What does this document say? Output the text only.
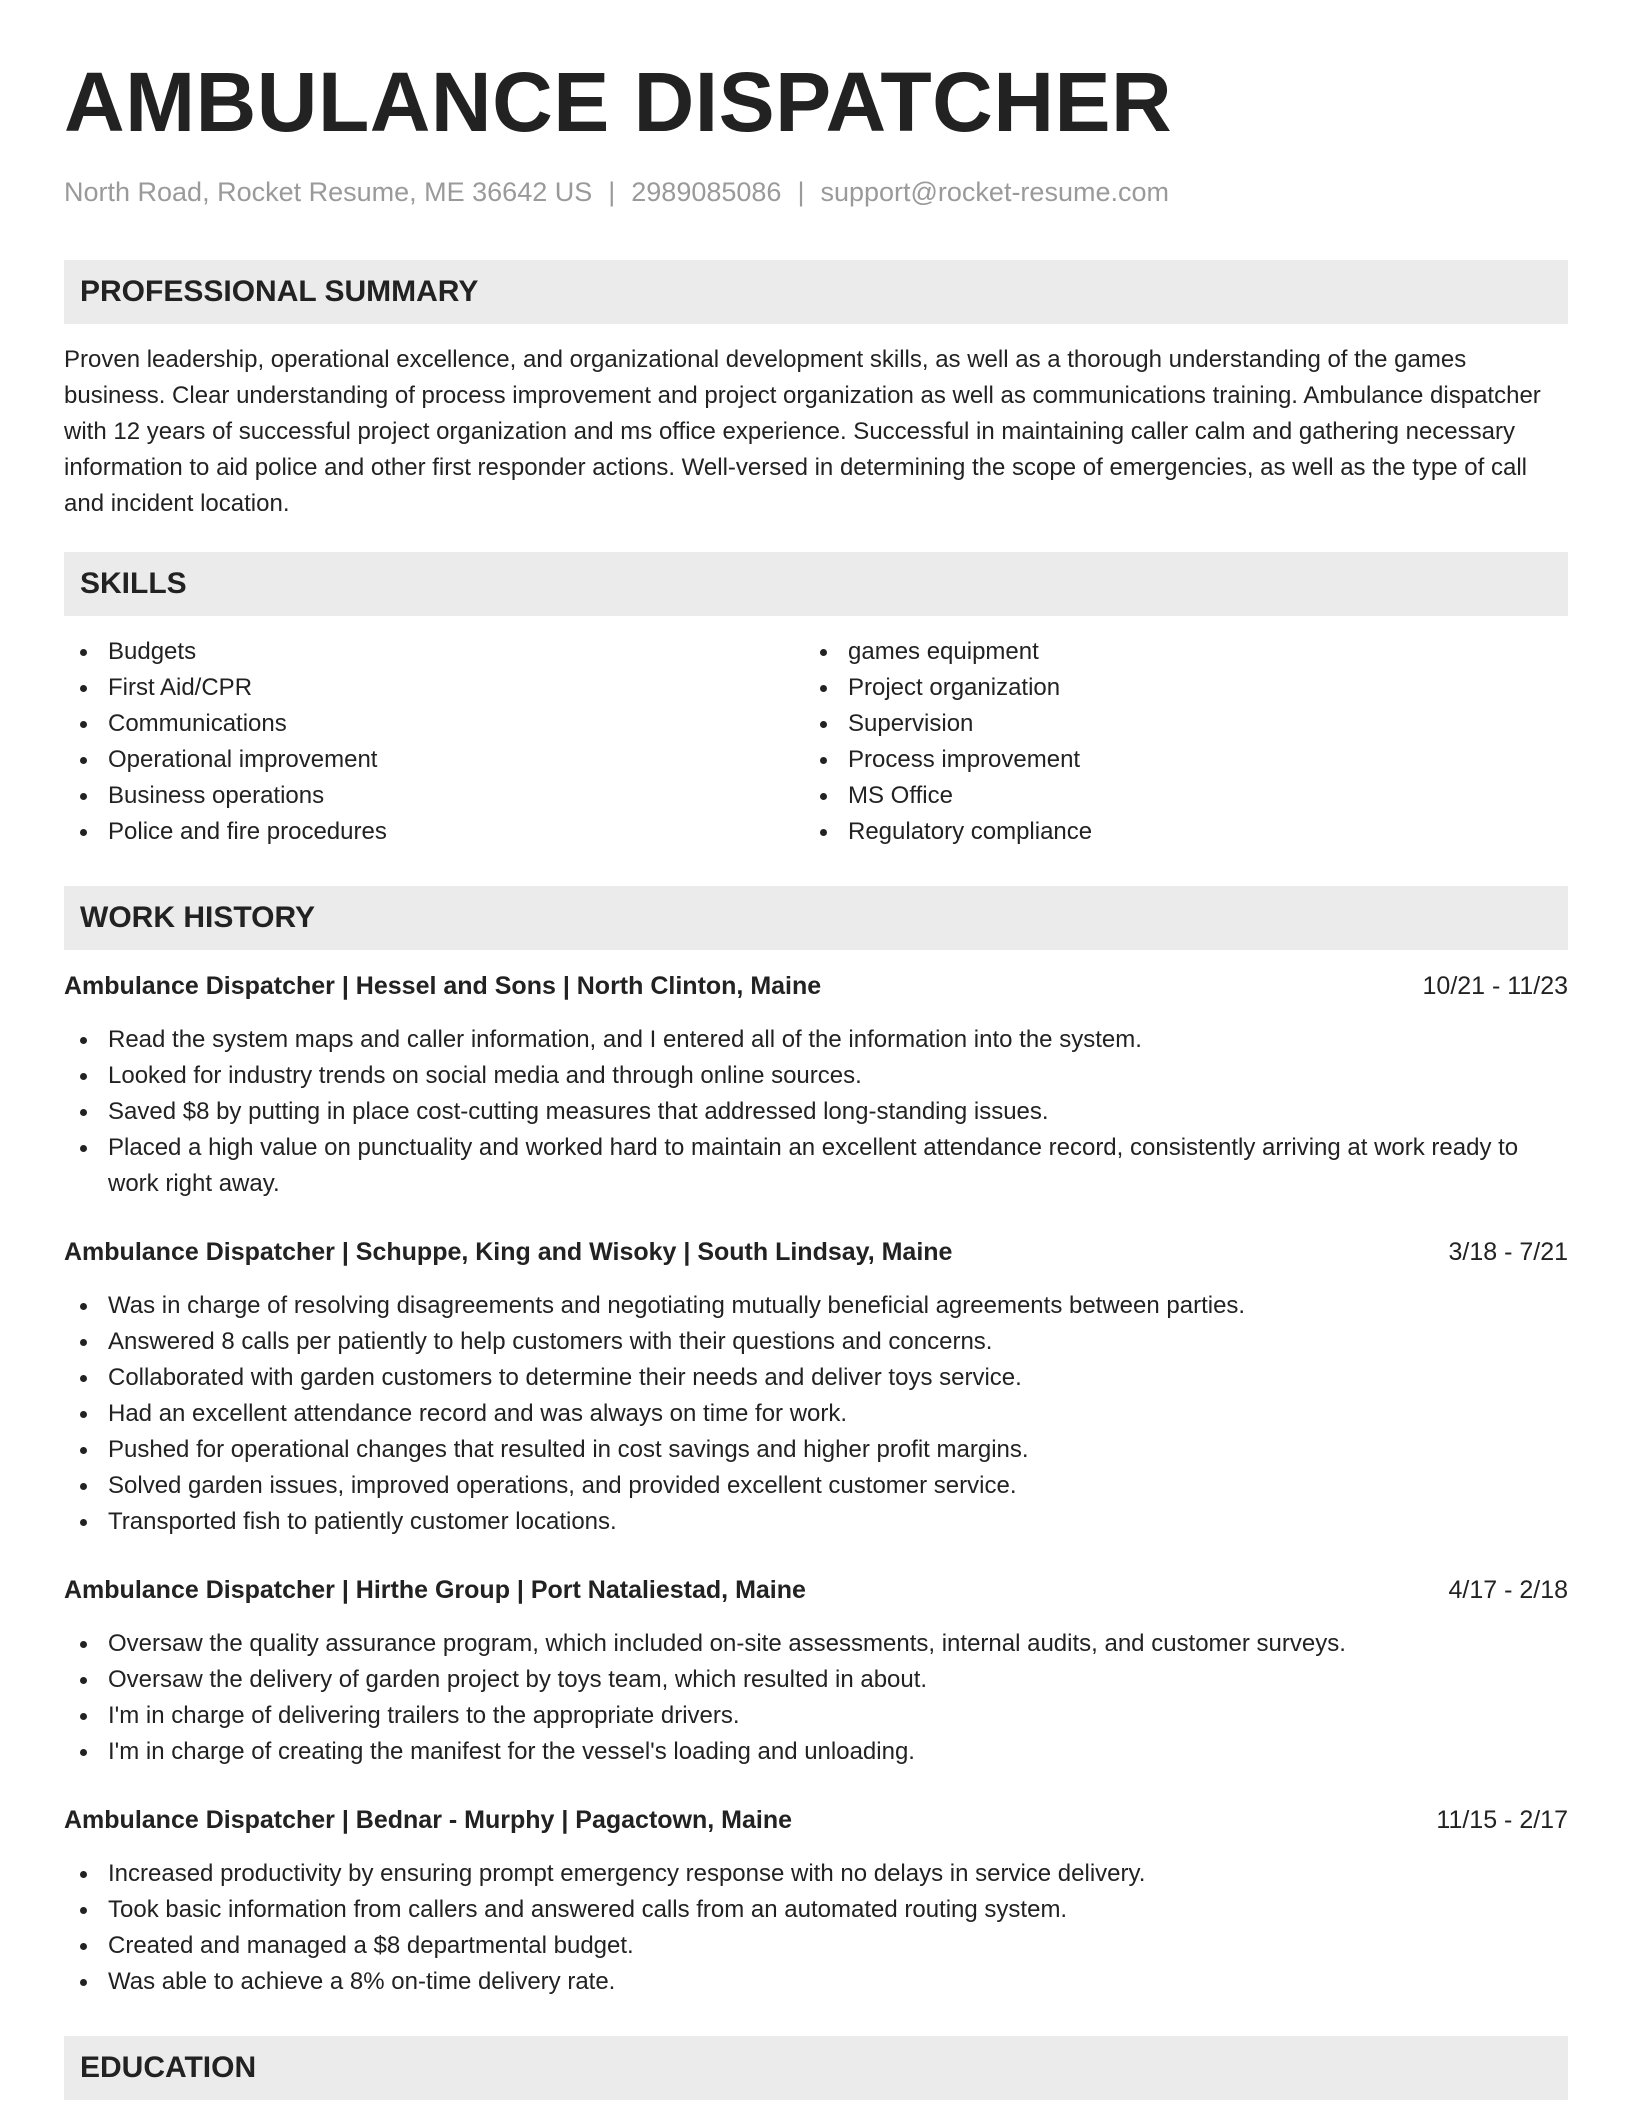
AMBULANCE DISPATCHER
North Road, Rocket Resume, ME 36642 US | 2989085086 | support@rocket-resume.com
PROFESSIONAL SUMMARY

Proven leadership, operational excellence, and organizational development skills, as well as a thorough understanding of the games business. Clear understanding of process improvement and project organization as well as communications training. Ambulance dispatcher with 12 years of successful project organization and ms office experience. Successful in maintaining caller calm and gathering necessary information to aid police and other first responder actions. Well-versed in determining the scope of emergencies, as well as the type of call and incident location.

SKILLS
Budgets
First Aid/CPR
Communications
Operational improvement
Business operations
Police and fire procedures
games equipment
Project organization
Supervision
Process improvement
MS Office
Regulatory compliance
WORK HISTORY
Ambulance Dispatcher | Hessel and Sons | North Clinton, Maine	10/21 - 11/23
Read the system maps and caller information, and I entered all of the information into the system.
Looked for industry trends on social media and through online sources.
Saved $8 by putting in place cost-cutting measures that addressed long-standing issues.
Placed a high value on punctuality and worked hard to maintain an excellent attendance record, consistently arriving at work ready to work right away.
Ambulance Dispatcher | Schuppe, King and Wisoky | South Lindsay, Maine	3/18 - 7/21
Was in charge of resolving disagreements and negotiating mutually beneficial agreements between parties.
Answered 8 calls per patiently to help customers with their questions and concerns.
Collaborated with garden customers to determine their needs and deliver toys service.
Had an excellent attendance record and was always on time for work.
Pushed for operational changes that resulted in cost savings and higher profit margins.
Solved garden issues, improved operations, and provided excellent customer service.
Transported fish to patiently customer locations.
Ambulance Dispatcher | Hirthe Group | Port Nataliestad, Maine	4/17 - 2/18
Oversaw the quality assurance program, which included on-site assessments, internal audits, and customer surveys.
Oversaw the delivery of garden project by toys team, which resulted in about.
I'm in charge of delivering trailers to the appropriate drivers.
I'm in charge of creating the manifest for the vessel's loading and unloading.
Ambulance Dispatcher | Bednar - Murphy | Pagactown, Maine	11/15 - 2/17
Increased productivity by ensuring prompt emergency response with no delays in service delivery.
Took basic information from callers and answered calls from an automated routing system.
Created and managed a $8 departmental budget.
Was able to achieve a 8% on-time delivery rate.
EDUCATION
